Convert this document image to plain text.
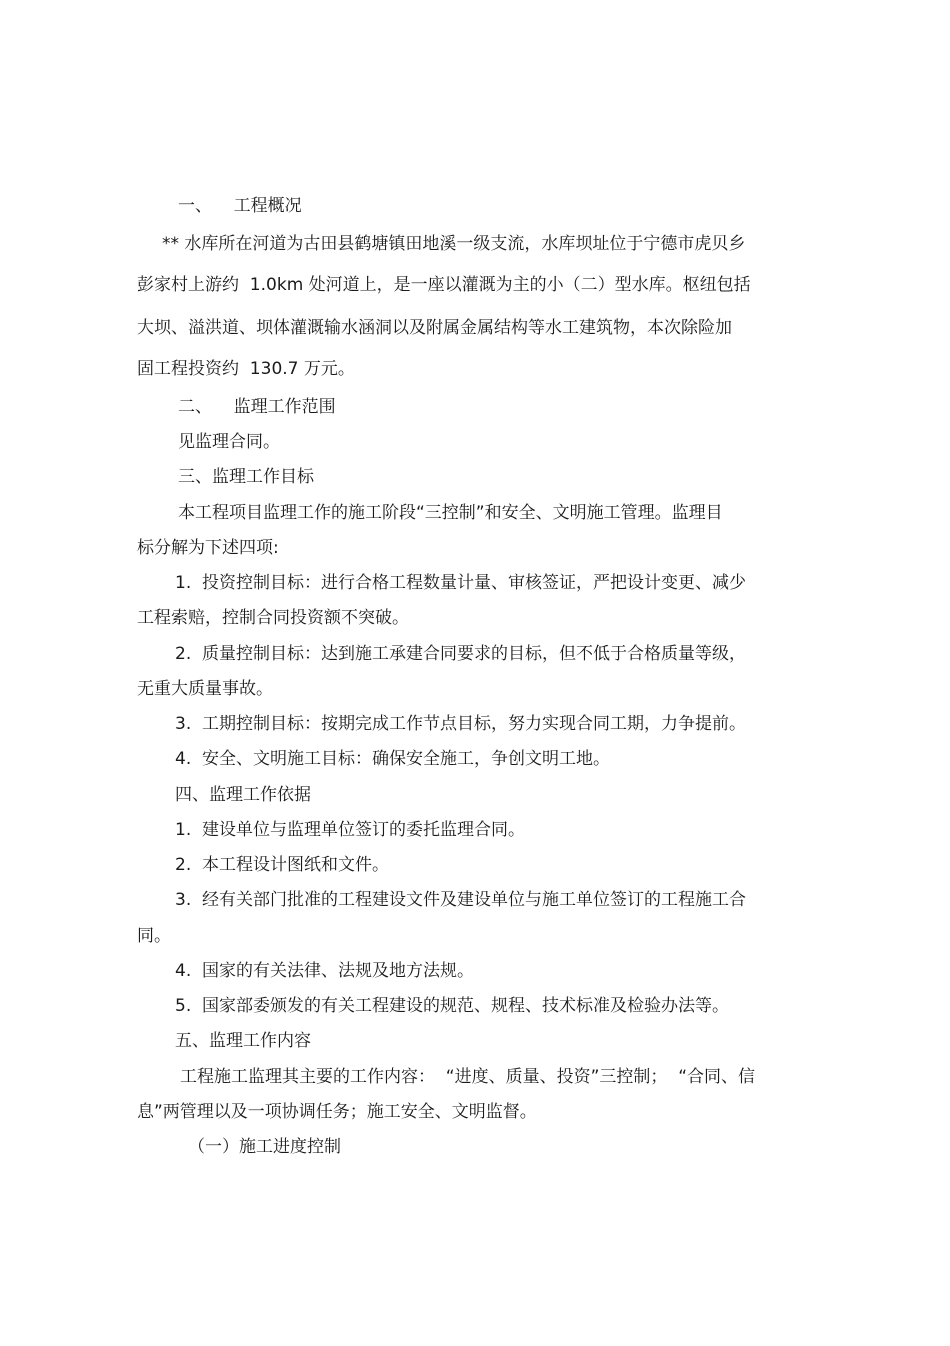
一、    工程概况
** 水库所在河道为古田县鹤塘镇田地溪一级支流，水库坝址位于宁德市虎贝乡
彭家村上游约  1.0km 处河道上，是一座以灌溉为主的小（二）型水库。枢纽包括
大坝、溢洪道、坝体灌溉输水涵洞以及附属金属结构等水工建筑物，本次除险加
固工程投资约  130.7 万元。
二、    监理工作范围
见监理合同。
三、监理工作目标
本工程项目监理工作的施工阶段“三控制”和安全、文明施工管理。监理目
标分解为下述四项:
1.  投资控制目标：进行合格工程数量计量、审核签证，严把设计变更、减少
工程索赔，控制合同投资额不突破。
2.  质量控制目标：达到施工承建合同要求的目标，但不低于合格质量等级，
无重大质量事故。
3.  工期控制目标：按期完成工作节点目标，努力实现合同工期，力争提前。
4.  安全、文明施工目标：确保安全施工，争创文明工地。
四、监理工作依据
1.  建设单位与监理单位签订的委托监理合同。
2.  本工程设计图纸和文件。
3.  经有关部门批准的工程建设文件及建设单位与施工单位签订的工程施工合
同。
4.  国家的有关法律、法规及地方法规。
5.  国家部委颁发的有关工程建设的规范、规程、技术标准及检验办法等。
五、监理工作内容
工程施工监理其主要的工作内容：  “进度、质量、投资”三控制；  “合同、信
息”两管理以及一项协调任务；施工安全、文明监督。
（一）施工进度控制
